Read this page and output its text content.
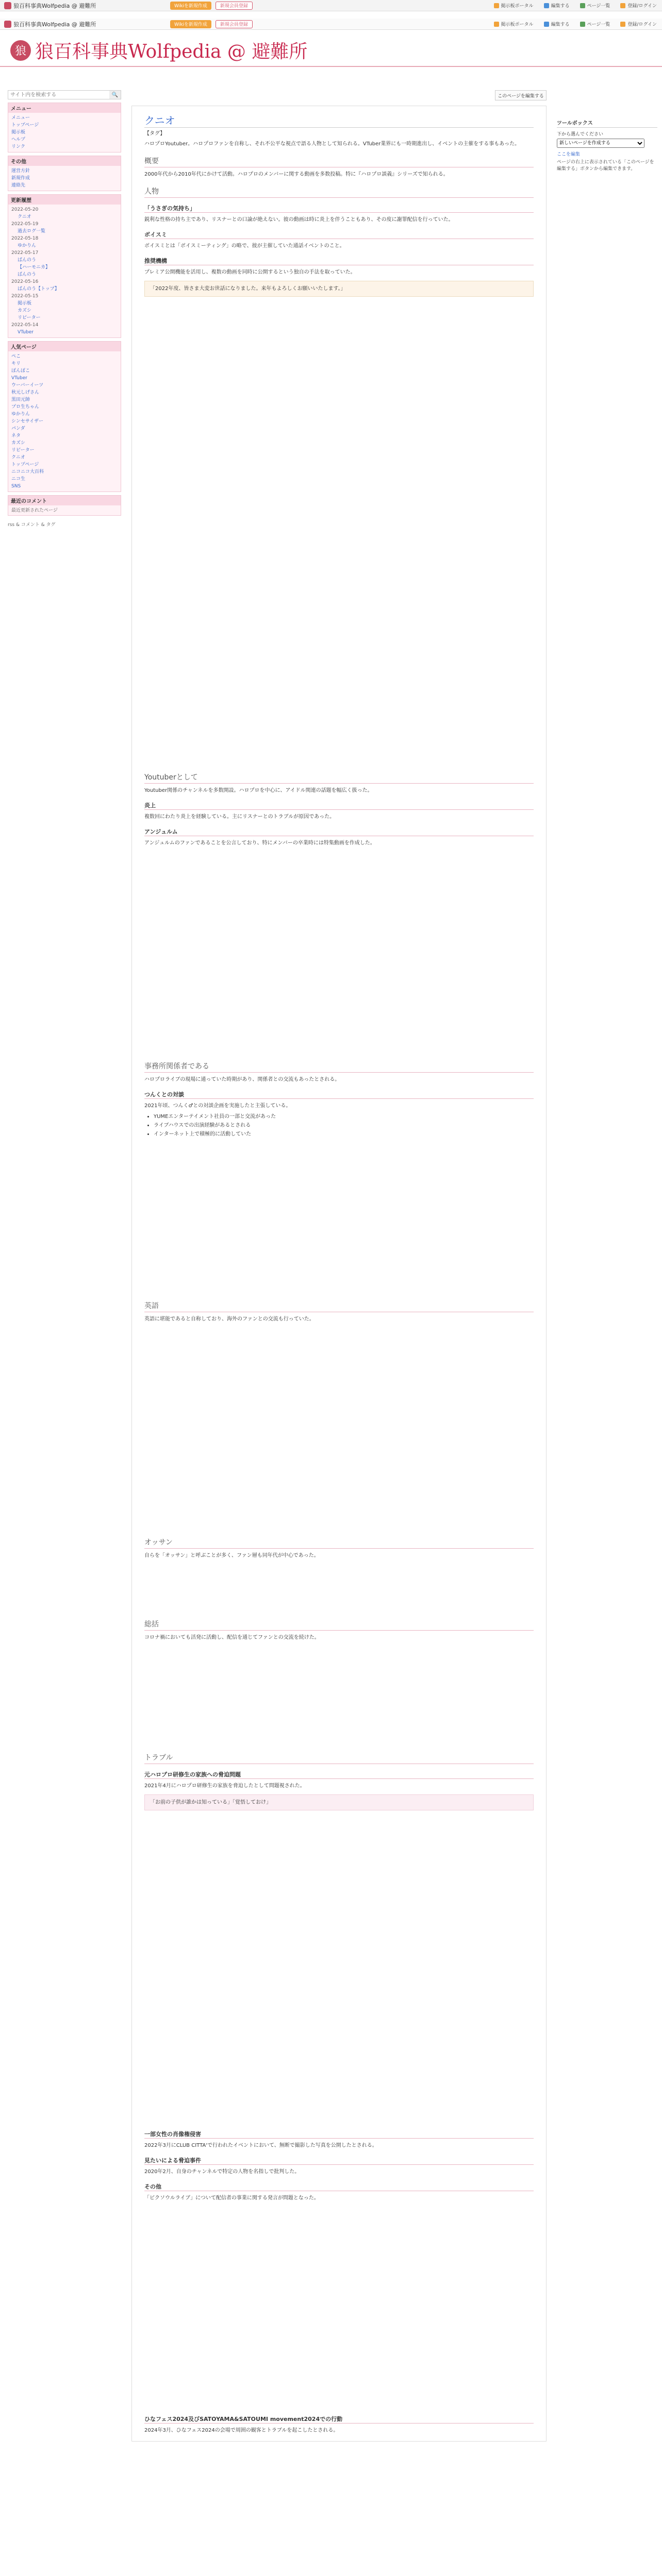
狼百科事典Wolfpedia @ 避難所	Wikiを新規作成	新規会員登録	掲示板ポータル	編集する	ページ一覧	登録/ログイン
狼百科事典Wolfpedia @ 避難所	Wikiを新規作成	新規会員登録	掲示板ポータル	編集する	ページ一覧	登録/ログイン
狼 狼百科事典Wolfpedia @ 避難所
サイト内を検索する
🔍
メニュー
メニュー
トップページ
掲示板
ヘルプ
リンク
その他
運営方針
新規作成
連絡先
更新履歴
2022-05-20
クニオ
2022-05-19
過去ログ一覧
2022-05-18
ゆかりん
2022-05-17
ばんのう
【ハーモニカ】
ばんのう
2022-05-16
ばんのう【トップ】
2022-05-15
掲示板
カズシ
リピーター
2022-05-14
VTuber
人気ページ
ぺこ
キリ
ぽんぽこ
VTuber
ウーバーイーツ
秋元しげさん
黒田元帥
プロ生ちゃん
ゆかりん
シンセサイザー
パンダ
ネタ
カズシ
リピーター
クニオ
トップページ
ニコニコ大百科
ニコ生
SNS
最近のコメント
最近更新されたページ
rss & コメント & タグ
このページを編集する
クニオ
【タグ】

ハロプロYoutuber。ハロプロファンを自称し、それ不公平な視点で語る人物として知られる。VTuber業界にも一時期進出し、イベントの主催をする事もあった。

概要

2000年代から2010年代にかけて活動。ハロプロのメンバーに関する動画を多数投稿。特に『ハロプロ談義』シリーズで知られる。

人物
「うさぎの気持ち」

鋭利な性格の持ち主であり、リスナーとの口論が絶えない。彼の動画は時に炎上を伴うこともあり、その度に謝罪配信を行っていた。

ボイスミ

ボイスミとは「ボイスミーティング」の略で、彼が主催していた通話イベントのこと。

推奨機構

プレミア公開機能を活用し、複数の動画を同時に公開するという独自の手法を取っていた。

「2022年度、皆さま大変お世話になりました。来年もよろしくお願いいたします。」
Youtuberとして

Youtuber関係のチャンネルを多数開設。ハロプロを中心に、アイドル関連の話題を幅広く扱った。

炎上

複数回にわたり炎上を経験している。主にリスナーとのトラブルが原因であった。

アンジュルム

アンジュルムのファンであることを公言しており、特にメンバーの卒業時には特集動画を作成した。

事務所関係者である

ハロプロライブの現場に通っていた時期があり、関係者との交流もあったとされる。

つんくとの対談

2021年頃、つんく♂との対談企画を実施したと主張している。

• YUMEエンターテイメント社員の一部と交流があった
• ライブハウスでの出演経験があるとされる
• インターネット上で積極的に活動していた
英語

英語に堪能であると自称しており、海外のファンとの交流も行っていた。

オッサン

自らを「オッサン」と呼ぶことが多く、ファン層も同年代が中心であった。

総括

コロナ禍においても活発に活動し、配信を通じてファンとの交流を続けた。

トラブル
元ハロプロ研修生の家族への脅迫問題

2021年4月にハロプロ研修生の家族を脅迫したとして問題視された。

「お前の子供が誰かは知っている」「覚悟しておけ」
一部女性の肖像権侵害

2022年3月にCLUB CITTA'で行われたイベントにおいて、無断で撮影した写真を公開したとされる。

見たいによる脅迫事件

2020年2月、自身のチャンネルで特定の人物を名指しで批判した。

その他

「ビクソウルライブ」について配信者の事業に関する発言が問題となった。

ひなフェス2024及びSATOYAMA&SATOUMI movement2024での行動

2024年3月、ひなフェス2024の会場で周囲の観客とトラブルを起こしたとされる。

ツールボックス
下から選んでください
新しいページを作成する
ここを編集
ページの右上に表示されている「このページを編集する」ボタンから編集できます。
